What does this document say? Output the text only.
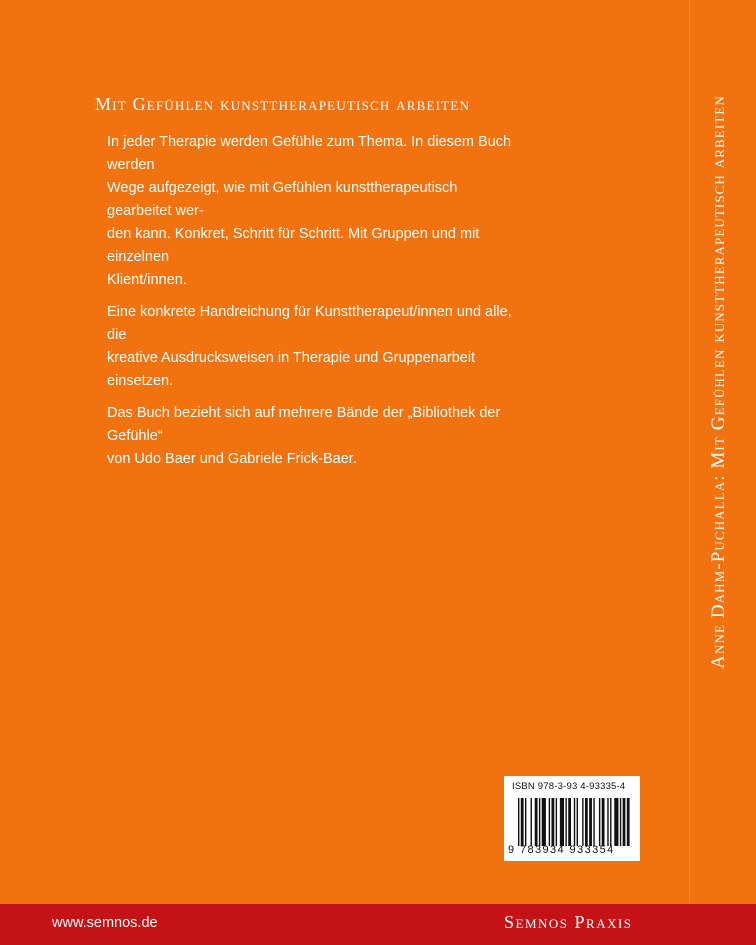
Mit Gefühlen kunsttherapeutisch arbeiten

In jeder Therapie werden Gefühle zum Thema. In diesem Buch werden
Wege aufgezeigt, wie mit Gefühlen kunsttherapeutisch gearbeitet wer-
den kann. Konkret, Schritt für Schritt. Mit Gruppen und mit einzelnen
Klient/innen.

Eine konkrete Handreichung für Kunsttherapeut/innen und alle, die
kreative Ausdrucksweisen in Therapie und Gruppenarbeit einsetzen.

Das Buch bezieht sich auf mehrere Bände der „Bibliothek der Gefühle“
von Udo Baer und Gabriele Frick-Baer.	Anne Dahm-Puchalla: Mit Gefühlen kunsttherapeutisch arbeiten
ISBN 978-3-93 4-93335-4
9 783934 933354
www.semnos.de	Semnos Praxis
